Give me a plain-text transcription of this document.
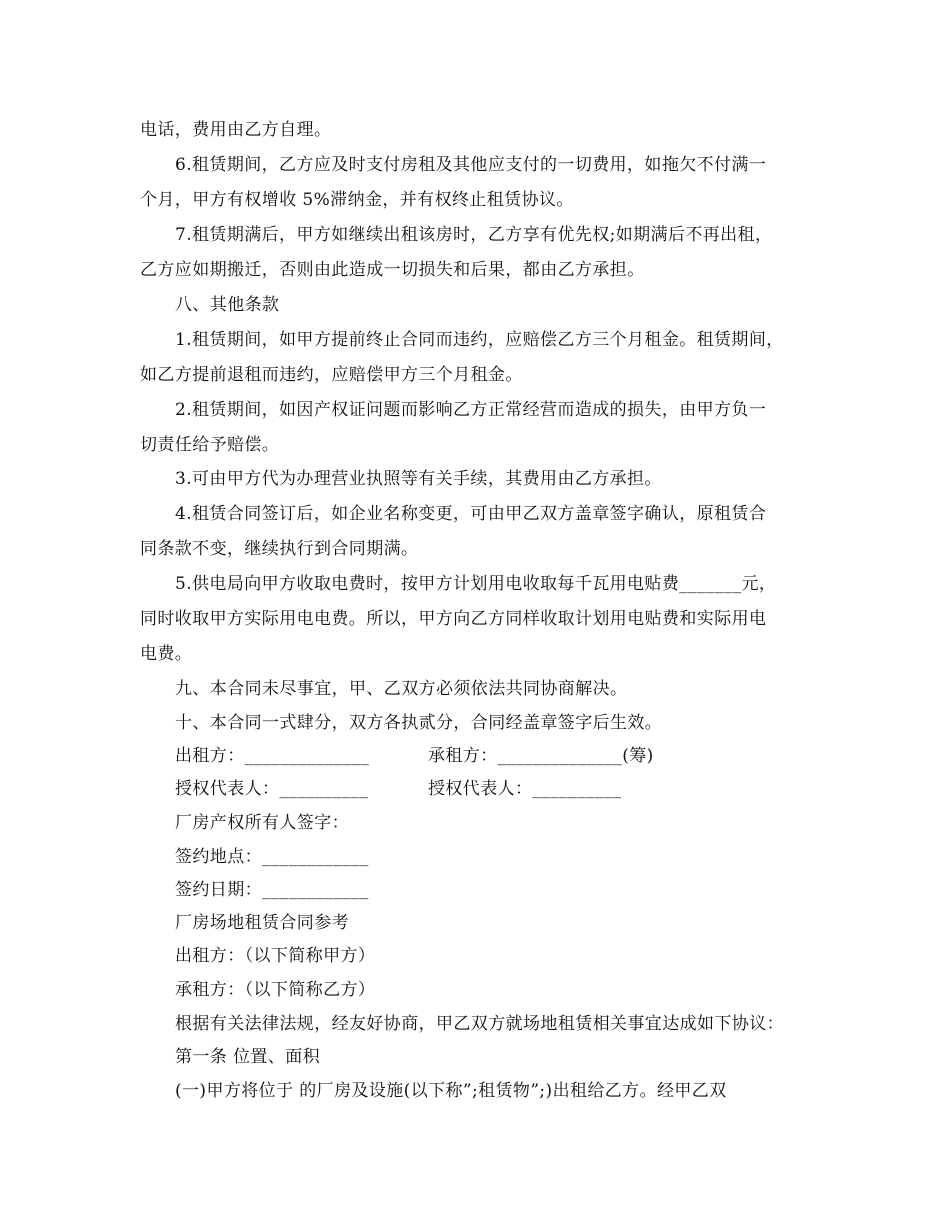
电话，费用由乙方自理。
6.租赁期间，乙方应及时支付房租及其他应支付的一切费用，如拖欠不付满一
个月，甲方有权增收 5%滞纳金，并有权终止租赁协议。
7.租赁期满后，甲方如继续出租该房时，乙方享有优先权;如期满后不再出租，
乙方应如期搬迁，否则由此造成一切损失和后果，都由乙方承担。
八、其他条款
1.租赁期间，如甲方提前终止合同而违约，应赔偿乙方三个月租金。租赁期间，
如乙方提前退租而违约，应赔偿甲方三个月租金。
2.租赁期间，如因产权证问题而影响乙方正常经营而造成的损失，由甲方负一
切责任给予赔偿。
3.可由甲方代为办理营业执照等有关手续，其费用由乙方承担。
4.租赁合同签订后，如企业名称变更，可由甲乙双方盖章签字确认，原租赁合
同条款不变，继续执行到合同期满。
5.供电局向甲方收取电费时，按甲方计划用电收取每千瓦用电贴费_______元，
同时收取甲方实际用电电费。所以，甲方向乙方同样收取计划用电贴费和实际用电
电费。
九、本合同未尽事宜，甲、乙双方必须依法共同协商解决。
十、本合同一式肆分，双方各执贰分，合同经盖章签字后生效。
出租方：______________	承租方：______________(筹)
授权代表人：__________	授权代表人：__________
厂房产权所有人签字：
签约地点：____________
签约日期：____________
厂房场地租赁合同参考
出租方：（以下简称甲方）
承租方：（以下简称乙方）
根据有关法律法规，经友好协商，甲乙双方就场地租赁相关事宜达成如下协议：
第一条 位置、面积
(一)甲方将位于 的厂房及设施(以下称”;租赁物”;)出租给乙方。经甲乙双
